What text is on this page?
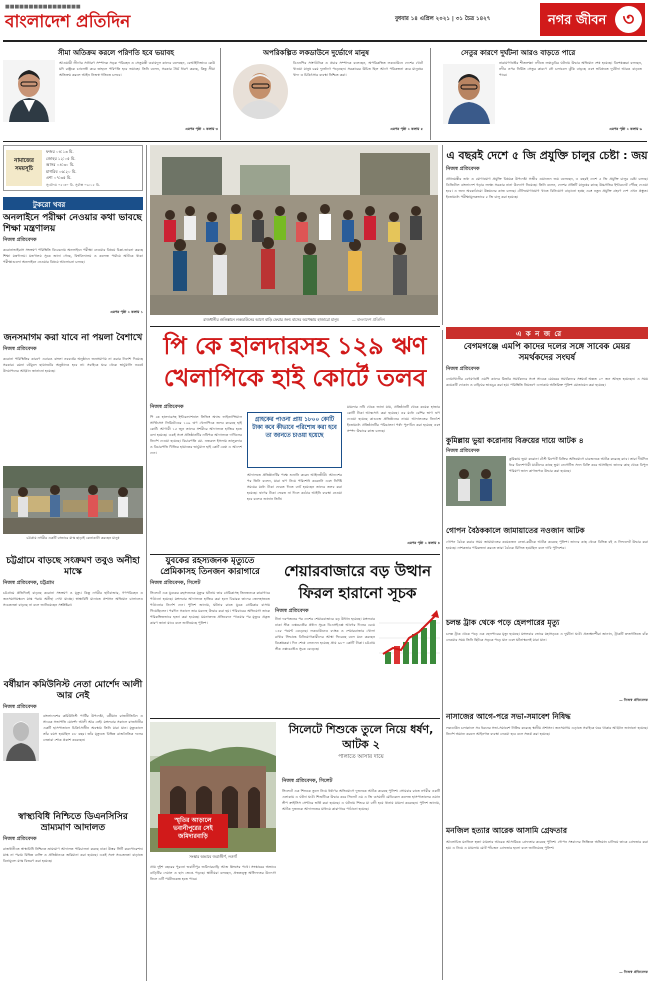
■■■■■■■■■■■■■■■■
বাংলাদেশ প্রতিদিন	বুধবার ১৪ এপ্রিল ২০২১ | ৩১ চৈত্র ১৪২৭	নগর জীবন ৩
সীমা অতিক্রম করলে পরিণতি হবে ভয়াবহ
আওয়ামী লীগের সাধারণ সম্পাদক সড়ক পরিবহন ও সেতুমন্ত্রী ওবায়দুল কাদের বলেছেন, বেআইনিভাবে কেউ যদি রাষ্ট্রকে চ্যালেঞ্জ করে তাহলে পরিণতি হবে ভয়াবহ। তিনি বলেন, সরকার ধৈর্য ধারণ করছে, কিন্তু সীমা অতিক্রম করলে আইন নিজস্ব গতিতে চলবে।
এরপর পৃষ্ঠা ২ কলাম ৩
অপরিকল্পিত লকডাউনে দুর্ভোগে মানুষ
বিএনপির সাংগঠনিক ও প্রচার সম্পাদক বলেছেন, অপরিকল্পিত লকডাউনে দেশের খেটে খাওয়া মানুষ চরম দুর্ভোগে পড়েছেন। সরকারের উচিত ছিল আগে পরিকল্পনা করে মানুষের খাদ্য ও চিকিৎসার ব্যবস্থা নিশ্চিত করা।
এরপর পৃষ্ঠা ২ কলাম ৫
সেতুর কারণে দুর্ঘটনা আরও বাড়তে পারে
নারায়ণগঞ্জের শীতলক্ষ্যা নদীতে লঞ্চডুবির ঘটনায় উদ্ধার অভিযান শেষ হয়েছে। বিশেষজ্ঞরা বলছেন, নদীর ওপর নির্মিত সেতুর কারণে নৌ চলাচলে ঝুঁকি বাড়ছে এবং ভবিষ্যতে দুর্ঘটনা আরও বাড়তে পারে।
এরপর পৃষ্ঠা ২ কলাম ৬
নামাজের সময়সূচি
ফজর ০৪:১৩ মি.
জোহর ১২:০৫ মি.
আসর ০৪:৩০ মি.
মাগরিব ০৬:২০ মি.
এশা ০৭:৩৫ মি.
সূর্যোদয় ০৫:৩০ মি. সূর্যাস্ত ০৬:১৫ মি.
টুকরো খবর
অনলাইনে পরীক্ষা নেওয়ার কথা ভাবছে শিক্ষা মন্ত্রণালয়
নিজস্ব প্রতিবেদক
করোনাভাইরাস সংক্রমণ পরিস্থিতি বিবেচনায় অনলাইনে পরীক্ষা নেওয়ার বিষয়ে চিন্তা-ভাবনা করছে শিক্ষা মন্ত্রণালয়। মন্ত্রণালয় সূত্রে জানা গেছে, বিশ্ববিদ্যালয় ও কলেজ পর্যায়ে আটকে থাকা পরীক্ষাগুলো অনলাইনে নেওয়ার বিষয়ে আলোচনা চলছে।
এরপর পৃষ্ঠা ২ কলাম ১
জনসমাগম করা যাবে না পয়লা বৈশাখে
নিজস্ব প্রতিবেদক
করোনা পরিস্থিতির কারণে এবারও বাংলা নববর্ষের অনুষ্ঠানে জনসমাগম না করার নির্দেশ দিয়েছে সরকার। রমনা বটমূলে ছায়ানটের অনুষ্ঠানও হবে না। সবাইকে ঘরে থেকে ভার্চুয়ালি নববর্ষ উদযাপনের আহ্বান জানানো হয়েছে।
চট্টগ্রাম নগরীর একটি বাজারে মাস্ক ছাড়াই কেনাকাটা করছেন মানুষ
চট্টগ্রামে বাড়ছে সংক্রমণ তবুও অনীহা মাস্কে
নিজস্ব প্রতিবেদক, চট্টগ্রাম
চট্টগ্রামে প্রতিদিনই বাড়ছে করোনা সংক্রমণ ও মৃত্যু। কিন্তু নগরীর হাটবাজার, গণপরিবহন ও জনসমাগমস্থলে মাস্ক পরায় অনীহা দেখা যাচ্ছে। স্বাস্থ্যবিধি মানাতে প্রশাসন অভিযান চালালেও সচেতনতা বাড়ছে না বলে জানিয়েছেন সংশ্লিষ্টরা।
বর্ষীয়ান কমিউনিস্ট নেতা মোর্শেদ আলী আর নেই
নিজস্ব প্রতিবেদক
বাংলাদেশের কমিউনিস্ট পার্টির উপদেষ্টা, বর্ষীয়ান রাজনীতিবিদ ও সাবেক সভাপতি মোর্শেদ আলী আর নেই। মঙ্গলবার সকালে রাজধানীর একটি হাসপাতালে চিকিৎসাধীন অবস্থায় তিনি মারা যান। মৃত্যুকালে তাঁর বয়স হয়েছিল ৮৮ বছর। তাঁর মৃত্যুতে বিভিন্ন রাজনৈতিক দলের নেতারা শোক প্রকাশ করেছেন।
স্বাস্থ্যবিধি নিশ্চিতে ডিএনসিসির ভ্রাম্যমাণ আদালত
নিজস্ব প্রতিবেদক
রাজধানীতে স্বাস্থ্যবিধি নিশ্চিতে ভ্রাম্যমাণ আদালত পরিচালনা করছে ঢাকা উত্তর সিটি করপোরেশন। মাস্ক না পরায় বিভিন্ন ব্যক্তি ও প্রতিষ্ঠানকে জরিমানা করা হয়েছে। একই সঙ্গে সচেতনতা বাড়াতে বিনামূল্যে মাস্ক বিতরণ করা হয়েছে।
রাজধানীর গুলিস্তানে লকডাউনের আগে বাড়ি ফেরার জন্য বাসের অপেক্ষায় হাজারো মানুষ	— বাংলাদেশ প্রতিদিন
এ বছরই দেশে ৫ জি প্রযুক্তি চালুর চেষ্টা : জয়
নিজস্ব প্রতিবেদক
প্রধানমন্ত্রীর তথ্য ও যোগাযোগ প্রযুক্তি বিষয়ক উপদেষ্টা সজীব ওয়াজেদ জয় বলেছেন, এ বছরই দেশে ৫ জি প্রযুক্তি চালুর চেষ্টা চলছে। ডিজিটাল বাংলাদেশ গড়ার লক্ষ্যে সরকার নানা উদ্যোগ নিয়েছে। তিনি বলেন, দেশের প্রতিটি মানুষের কাছে উচ্চগতির ইন্টারনেট পৌঁছে দেওয়া হবে। এ জন্য অবকাঠামো উন্নয়নের কাজ চলছে। টেলিযোগাযোগ খাতে বিনিয়োগ বাড়ানো হচ্ছে এবং নতুন প্রযুক্তি গ্রহণে দেশ এখন প্রস্তুত। ইতোমধ্যে পরীক্ষামূলকভাবে ৫ জি চালু করা হয়েছে।
পি কে হালদারসহ ১২৯ ঋণ খেলাপিকে হাই কোর্টে তলব
নিজস্ব প্রতিবেদক
পি কে হালদারসহ ইন্টারন্যাশনাল লিজিং অ্যান্ড ফাইন্যান্সিয়াল সার্ভিসেস লিমিটেডের ১২৯ ঋণ খেলাপিকে তলব করেছে হাই কোর্ট। আগামী ১৫ জুন তাদের সশরীরে আদালতে হাজির হতে বলা হয়েছে। একই সঙ্গে প্রতিষ্ঠানটির নথিপত্র আদালতে দাখিলের নির্দেশ দেওয়া হয়েছে। বিচারপতি মো. নজরুল ইসলাম তালুকদার ও বিচারপতি খিজির হায়াতের ভার্চুয়াল হাই কোর্ট বেঞ্চ এ আদেশ দেন।
গ্রাহকের পাওনা প্রায় ১৮০০ কোটি টাকা কবে কীভাবে পরিশোধ করা হবে তা জানতে চাওয়া হয়েছে
আদালতে প্রতিষ্ঠানটির পক্ষে শুনানি করেন আইনজীবী। আদেশের পর তিনি বলেন, যারা ঋণ নিয়ে পরিশোধ করেননি এবং নির্দিষ্ট সময়ের মধ্যে টাকা ফেরত দিতে ব্যর্থ হয়েছেন তাদের তলব করা হয়েছে। ঋণের টাকা ফেরত না দিলে কঠোর আইনি ব্যবস্থা নেওয়া হবে বলেও জানান তিনি।
মামলার নথি থেকে জানা যায়, প্রতিষ্ঠানটি থেকে কয়েক হাজার কোটি টাকা আত্মসাৎ করা হয়েছে। এর মধ্যে বেশির ভাগ ঋণ দেওয়া হয়েছে কাগুজে প্রতিষ্ঠানের নামে। আদালতের নির্দেশে ইতোমধ্যে প্রতিষ্ঠানটির পরিচালনা পর্ষদ পুনর্গঠন করা হয়েছে এবং সম্পদ উদ্ধারে কাজ চলছে।
এরপর পৃষ্ঠা ২ কলাম ৪
এ ক ন জ রে
বেগমগঞ্জে এমপি কাদের দলের সঙ্গে সাবেক মেয়র সমর্থকদের সংঘর্ষ
নিজস্ব প্রতিবেদক
নোয়াখালীর বেগমগঞ্জে এমপি কাদের মির্জার সমর্থকদের সঙ্গে সাবেক মেয়রের সমর্থকদের সংঘর্ষে অন্তত ২০ জন আহত হয়েছেন। এ সময় কয়েকটি দোকান ও বাড়িঘর ভাঙচুর করা হয়। পরিস্থিতি নিয়ন্ত্রণে এলাকায় অতিরিক্ত পুলিশ মোতায়েন করা হয়েছে।
কুমিল্লায় ভুয়া করোনায় বিক্রয়ের দায়ে আটক ৪
নিজস্ব প্রতিবেদক
কুমিল্লায় ভুয়া করোনা টেস্ট রিপোর্ট বিক্রির অভিযোগে চারজনকে আটক করেছে র‌্যাব। তারা দীর্ঘদিন ধরে বিদেশগামী যাত্রীদের কাছে ভুয়া নেগেটিভ সনদ বিক্রি করে আসছিল। তাদের কাছ থেকে বিপুল পরিমাণ জাল কাগজপত্র উদ্ধার করা হয়েছে।
যুবকের রহস্যজনক মৃত্যুতে প্রেমিকাসহ তিনজন কারাগারে
নিজস্ব প্রতিবেদক, সিলেট
সিলেটে এক যুবকের রহস্যজনক মৃত্যুর ঘটনায় তার প্রেমিকাসহ তিনজনকে কারাগারে পাঠানো হয়েছে। মঙ্গলবার আদালতে হাজির করা হলে বিচারক তাদের জেলহাজতে পাঠানোর নির্দেশ দেন। পুলিশ জানায়, ঘটনার রাতে যুবক প্রেমিকার বাসায় গিয়েছিলেন। পরদিন সকালে তার মরদেহ উদ্ধার করা হয়। পরিবারের অভিযোগ তাকে পরিকল্পিতভাবে হত্যা করা হয়েছে। ময়নাতদন্ত প্রতিবেদন পাওয়ার পর মৃত্যুর প্রকৃত কারণ জানা যাবে বলে জানিয়েছে পুলিশ।
শেয়ারবাজারে বড় উত্থান ফিরল হারানো সূচক
নিজস্ব প্রতিবেদক
টানা দরপতনের পর দেশের শেয়ারবাজারে বড় উত্থান হয়েছে। মঙ্গলবার ঢাকা স্টক এক্সচেঞ্জের প্রধান সূচক ডিএসইএক্স আগের দিনের চেয়ে ১৪৮ পয়েন্ট বেড়েছে। লকডাউনেও ব্যাংক ও শেয়ারবাজার খোলা রাখার সিদ্ধান্তে বিনিয়োগকারীদের আস্থা ফিরেছে বলে মনে করছেন বিশ্লেষকরা। দিন শেষে লেনদেন হয়েছে প্রায় ৬৮০ কোটি টাকা। চট্টগ্রাম স্টক এক্সচেঞ্জেও সূচক বেড়েছে।
গোপন বৈঠককালে জামায়াতের নওজান আটক
গোপন বৈঠক করার সময় জামায়াতের কয়েকজন নেতা-কর্মীকে আটক করেছে পুলিশ। তাদের কাছ থেকে বিভিন্ন বই ও লিফলেট উদ্ধার করা হয়েছে। নাশকতার পরিকল্পনা করতে তারা বৈঠকে মিলিত হয়েছিল বলে দাবি পুলিশের।
চলন্ত ট্রাক থেকে পড়ে হেলপারের মৃত্যু
চলন্ত ট্রাক থেকে পড়ে এক হেলপারের মৃত্যু হয়েছে। মঙ্গলবার ভোরে মহাসড়কে এ দুর্ঘটনা ঘটে। প্রত্যক্ষদর্শীরা জানান, ট্রাকটি দ্রুতগতিতে বাঁক নেওয়ার সময় তিনি ছিটকে সড়কে পড়ে যান এবং ঘটনাস্থলেই মারা যান।
— নিজস্ব প্রতিবেদক
নাসাজের আগে-পরে সভা-সমাবেশ নিষিদ্ধ
লকডাউন চলাকালে সব ধরনের সভা-সমাবেশ নিষিদ্ধ করেছে স্থানীয় প্রশাসন। জনসমাগম এড়াতে সবাইকে ঘরে থাকার আহ্বান জানানো হয়েছে। নির্দেশ অমান্য করলে আইনগত ব্যবস্থা নেওয়া হবে বলে সতর্ক করা হয়েছে।
মনজিল হত্যার আরেক আসামি গ্রেফতার
আলোচিত মনজিল হত্যা মামলার আরেক আসামিকে গ্রেফতার করেছে পুলিশ। গোপন সংবাদের ভিত্তিতে অভিযান চালিয়ে তাকে গ্রেফতার করা হয়। এ নিয়ে এ মামলায় মোট পাঁচজন গ্রেফতার হলো বলে জানিয়েছে পুলিশ।
— নিজস্ব প্রতিবেদক
স্মৃতির আড়ালে ভবানীপুরের সেই জমিদারবাড়ি
সংস্কার অভাবে জরাজীর্ণ, নওগাঁ
প্রায় দুইশ বছরের পুরনো ভবানীপুর জমিদারবাড়ি আজ ধ্বংসের পথে। সংস্কারের অভাবে বাড়িটির দেয়াল ও ছাদ ভেঙে পড়ছে। স্থানীয়রা বলছেন, প্রত্নতত্ত্ব অধিদফতর উদ্যোগ নিলে এটি পর্যটনকেন্দ্র হতে পারে।
সিলেটে শিশুকে তুলে নিয়ে ধর্ষণ, আটক ২
পালাতে আসার দায়ে
নিজস্ব প্রতিবেদক, সিলেট
সিলেটে এক শিশুকে তুলে নিয়ে ধর্ষণের অভিযোগে দুজনকে আটক করেছে পুলিশ। সোমবার রাতে নগরীর একটি এলাকায় এ ঘটনা ঘটে। শিশুটিকে উদ্ধার করে সিলেট এম এ জি ওসমানী মেডিকেল কলেজ হাসপাতালের ওয়ান স্টপ ক্রাইসিস সেন্টারে ভর্তি করা হয়েছে। এ ঘটনায় শিশুর মা বাদী হয়ে থানায় মামলা করেছেন। পুলিশ জানায়, আটক দুজনকে আদালতের মাধ্যমে কারাগারে পাঠানো হয়েছে।
